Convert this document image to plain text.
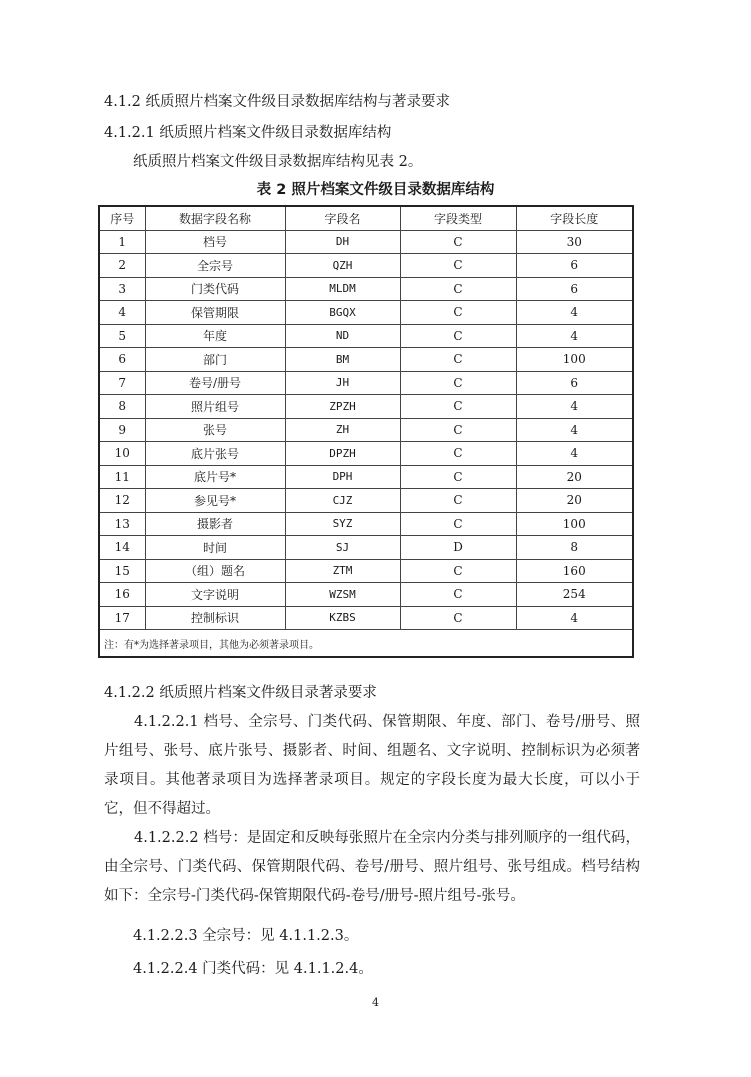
4.1.2 纸质照片档案文件级目录数据库结构与著录要求
4.1.2.1 纸质照片档案文件级目录数据库结构
纸质照片档案文件级目录数据库结构见表 2。
表 2 照片档案文件级目录数据库结构
序号	数据字段名称	字段名	字段类型	字段长度
1	档号	DH	C	30
2	全宗号	QZH	C	6
3	门类代码	MLDM	C	6
4	保管期限	BGQX	C	4
5	年度	ND	C	4
6	部门	BM	C	100
7	卷号/册号	JH	C	6
8	照片组号	ZPZH	C	4
9	张号	ZH	C	4
10	底片张号	DPZH	C	4
11	底片号*	DPH	C	20
12	参见号*	CJZ	C	20
13	摄影者	SYZ	C	100
14	时间	SJ	D	8
15	（组）题名	ZTM	C	160
16	文字说明	WZSM	C	254
17	控制标识	KZBS	C	4
注：有*为选择著录项目，其他为必须著录项目。				
4.1.2.2 纸质照片档案文件级目录著录要求
4.1.2.2.1 档号、全宗号、门类代码、保管期限、年度、部门、卷号/册号、照片组号、张号、底片张号、摄影者、时间、组题名、文字说明、控制标识为必须著录项目。其他著录项目为选择著录项目。规定的字段长度为最大长度，可以小于它，但不得超过。
4.1.2.2.2 档号：是固定和反映每张照片在全宗内分类与排列顺序的一组代码，由全宗号、门类代码、保管期限代码、卷号/册号、照片组号、张号组成。档号结构如下：全宗号-门类代码-保管期限代码-卷号/册号-照片组号-张号。
4.1.2.2.3 全宗号：见 4.1.1.2.3。
4.1.2.2.4 门类代码：见 4.1.1.2.4。
4
